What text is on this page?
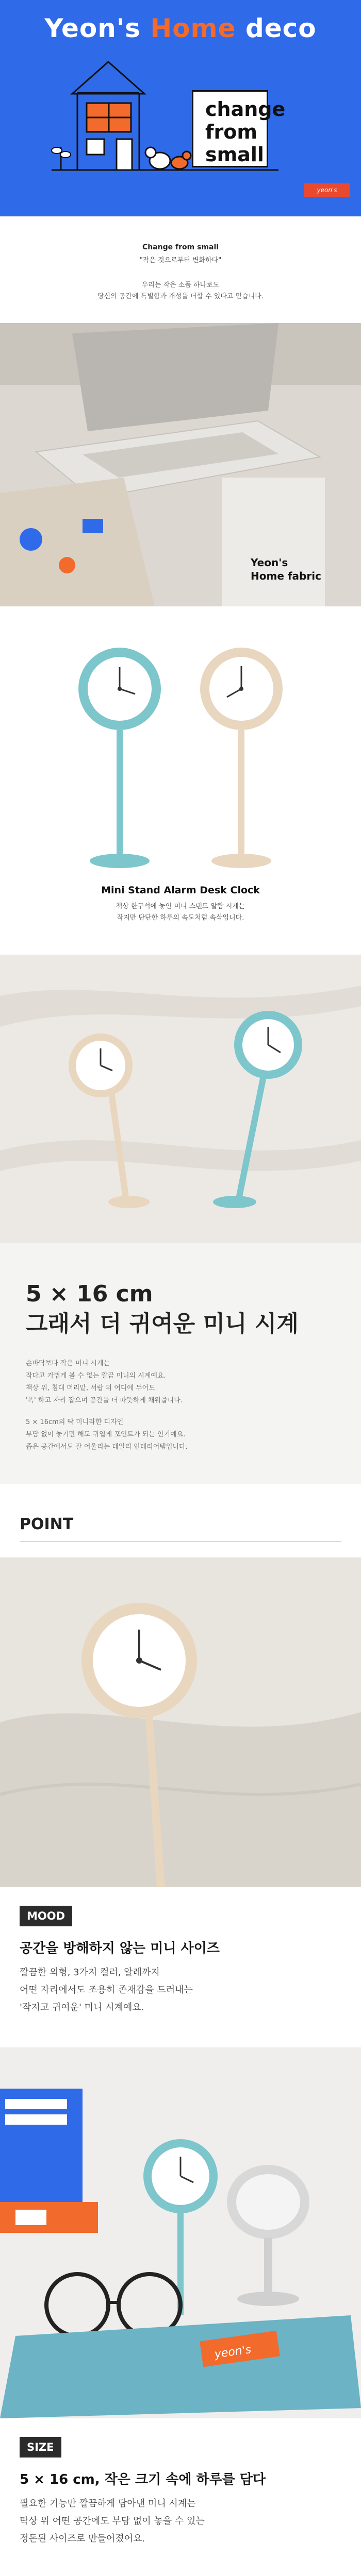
Yeon's Home deco
change
from
small
yeon's
Change from small
"작은 것으로부터 변화하다"
우리는 작은 소품 하나로도
당신의 공간에 특별함과 개성을 더할 수 있다고 믿습니다.
Yeon's
Home fabric
Mini Stand Alarm Desk Clock
책상 한구석에 놓인 미니 스탠드 알람 시계는
작지만 단단한 하루의 속도처럼 속삭입니다.
5 × 16 cm
그래서 더 귀여운 미니 시계
손바닥보다 작은 미니 시계는
작다고 가볍게 볼 수 없는 깔끔 미니의 시계예요.
책상 위, 침대 머리맡, 서랍 위 어디에 두어도
'폭' 하고 자리 잡으며 공간을 더 따뜻하게 채워줍니다.
5 × 16cm의 딱 미니라한 디자인
부담 없이 놓기만 해도 귀엽게 포인트가 되는 인기예요.
좁은 공간에서도 잘 어울리는 데일리 인테리어템입니다.
POINT
MOOD
공간을 방해하지 않는 미니 사이즈
깔끔한 외형, 3가지 컬러, 알레까지
어떤 자리에서도 조용히 존재감을 드러내는
'작지고 귀여운' 미니 시계예요.
yeon's
SIZE
5 × 16 cm, 작은 크기 속에 하루를 담다
필요한 기능만 깔끔하게 담아낸 미니 시계는
탁상 위 어떤 공간에도 부담 없이 놓을 수 있는
정돈된 사이즈로 만들어졌어요.
